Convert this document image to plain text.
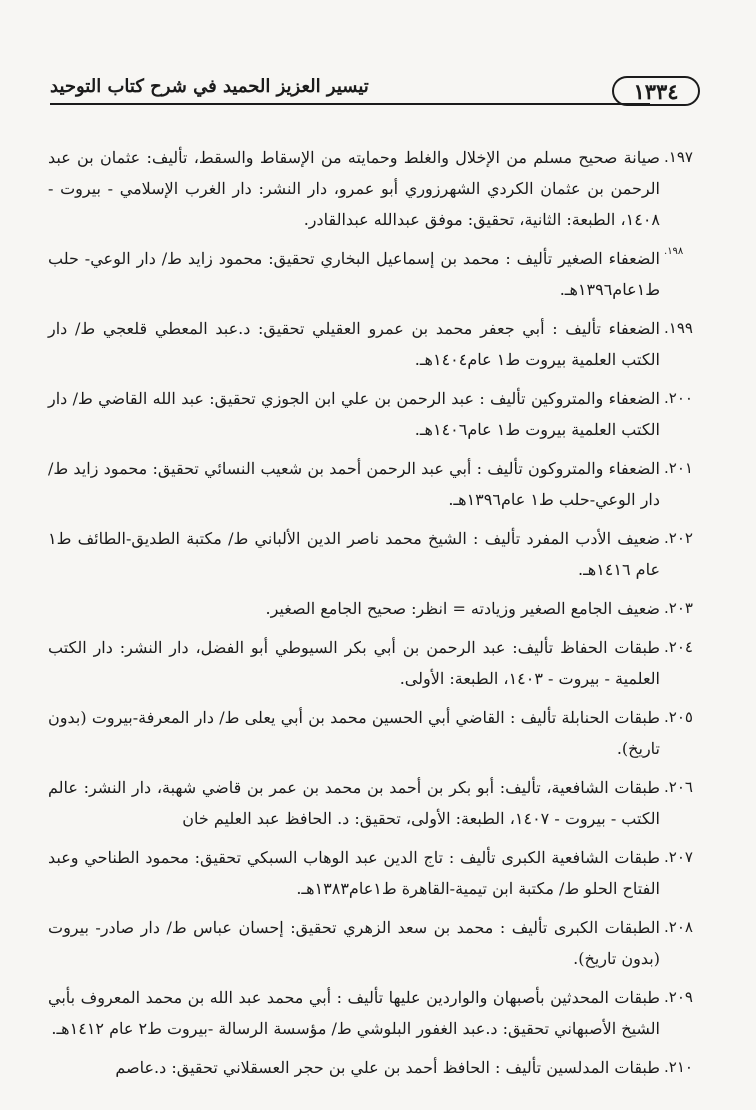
١٣٣٤
تيسير العزيز الحميد في شرح كتاب التوحيد
١٩٧.
صيانة صحيح مسلم من الإخلال والغلط وحمايته من الإسقاط والسقط، تأليف: عثمان بن عبد الرحمن بن عثمان الكردي الشهرزوري أبو عمرو، دار النشر: دار الغرب الإسلامي - بيروت - ١٤٠٨، الطبعة: الثانية، تحقيق: موفق عبدالله عبدالقادر.
١٩٨.
الضعفاء الصغير تأليف : محمد بن إسماعيل البخاري تحقيق: محمود زايد ط/ دار الوعي- حلب ط١عام١٣٩٦هـ.
١٩٩.
الضعفاء تأليف : أبي جعفر محمد بن عمرو العقيلي تحقيق: د.عبد المعطي قلعجي ط/ دار الكتب العلمية بيروت ط١ عام١٤٠٤هـ.
٢٠٠.
الضعفاء والمتروكين تأليف : عبد الرحمن بن علي ابن الجوزي تحقيق: عبد الله القاضي ط/ دار الكتب العلمية بيروت ط١ عام١٤٠٦هـ.
٢٠١.
الضعفاء والمتروكون تأليف : أبي عبد الرحمن أحمد بن شعيب النسائي تحقيق: محمود زايد ط/ دار الوعي-حلب ط١ عام١٣٩٦هـ.
٢٠٢.
ضعيف الأدب المفرد تأليف : الشيخ محمد ناصر الدين الألباني ط/ مكتبة الطديق-الطائف ط١ عام ١٤١٦هـ.
٢٠٣.
ضعيف الجامع الصغير وزيادته = انظر: صحيح الجامع الصغير.
٢٠٤.
طبقات الحفاظ تأليف: عبد الرحمن بن أبي بكر السيوطي أبو الفضل، دار النشر: دار الكتب العلمية - بيروت - ١٤٠٣، الطبعة: الأولى.
٢٠٥.
طبقات الحنابلة تأليف : القاضي أبي الحسين محمد بن أبي يعلى ط/ دار المعرفة-بيروت (بدون تاريخ).
٢٠٦.
طبقات الشافعية، تأليف: أبو بكر بن أحمد بن محمد بن عمر بن قاضي شهبة، دار النشر: عالم الكتب - بيروت - ١٤٠٧، الطبعة: الأولى، تحقيق: د. الحافظ عبد العليم خان
٢٠٧.
طبقات الشافعية الكبرى تأليف : تاج الدين عبد الوهاب السبكي تحقيق: محمود الطناحي وعبد الفتاح الحلو ط/ مكتبة ابن تيمية-القاهرة ط١عام١٣٨٣هـ.
٢٠٨.
الطبقات الكبرى تأليف : محمد بن سعد الزهري تحقيق: إحسان عباس ط/ دار صادر- بيروت (بدون تاريخ).
٢٠٩.
طبقات المحدثين بأصبهان والواردين عليها تأليف : أبي محمد عبد الله بن محمد المعروف بأبي الشيخ الأصبهاني تحقيق: د.عبد الغفور البلوشي ط/ مؤسسة الرسالة -بيروت ط٢ عام ١٤١٢هـ.
٢١٠.
طبقات المدلسين تأليف : الحافظ أحمد بن علي بن حجر العسقلاني تحقيق: د.عاصم
